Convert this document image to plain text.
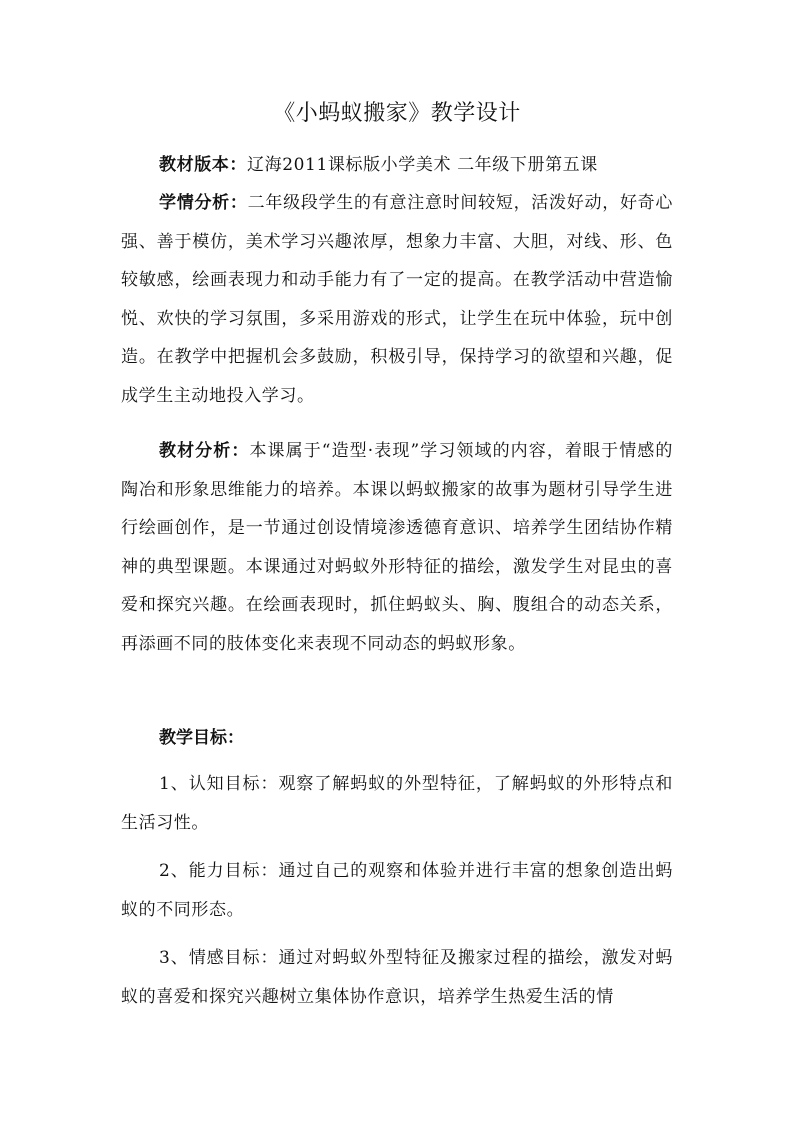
《小蚂蚁搬家》教学设计

教材版本：辽海2011课标版小学美术 二年级下册第五课

学情分析：二年级段学生的有意注意时间较短，活泼好动，好奇心强、善于模仿，美术学习兴趣浓厚，想象力丰富、大胆，对线、形、色较敏感，绘画表现力和动手能力有了一定的提高。在教学活动中营造愉悦、欢快的学习氛围，多采用游戏的形式，让学生在玩中体验，玩中创造。在教学中把握机会多鼓励，积极引导，保持学习的欲望和兴趣，促成学生主动地投入学习。

教材分析：本课属于“造型·表现”学习领域的内容，着眼于情感的陶冶和形象思维能力的培养。本课以蚂蚁搬家的故事为题材引导学生进行绘画创作，是一节通过创设情境渗透德育意识、培养学生团结协作精神的典型课题。本课通过对蚂蚁外形特征的描绘，激发学生对昆虫的喜爱和探究兴趣。在绘画表现时，抓住蚂蚁头、胸、腹组合的动态关系，再添画不同的肢体变化来表现不同动态的蚂蚁形象。

教学目标：

1、认知目标：观察了解蚂蚁的外型特征，了解蚂蚁的外形特点和生活习性。

2、能力目标：通过自己的观察和体验并进行丰富的想象创造出蚂蚁的不同形态。

3、情感目标：通过对蚂蚁外型特征及搬家过程的描绘，激发对蚂蚁的喜爱和探究兴趣树立集体协作意识，培养学生热爱生活的情
